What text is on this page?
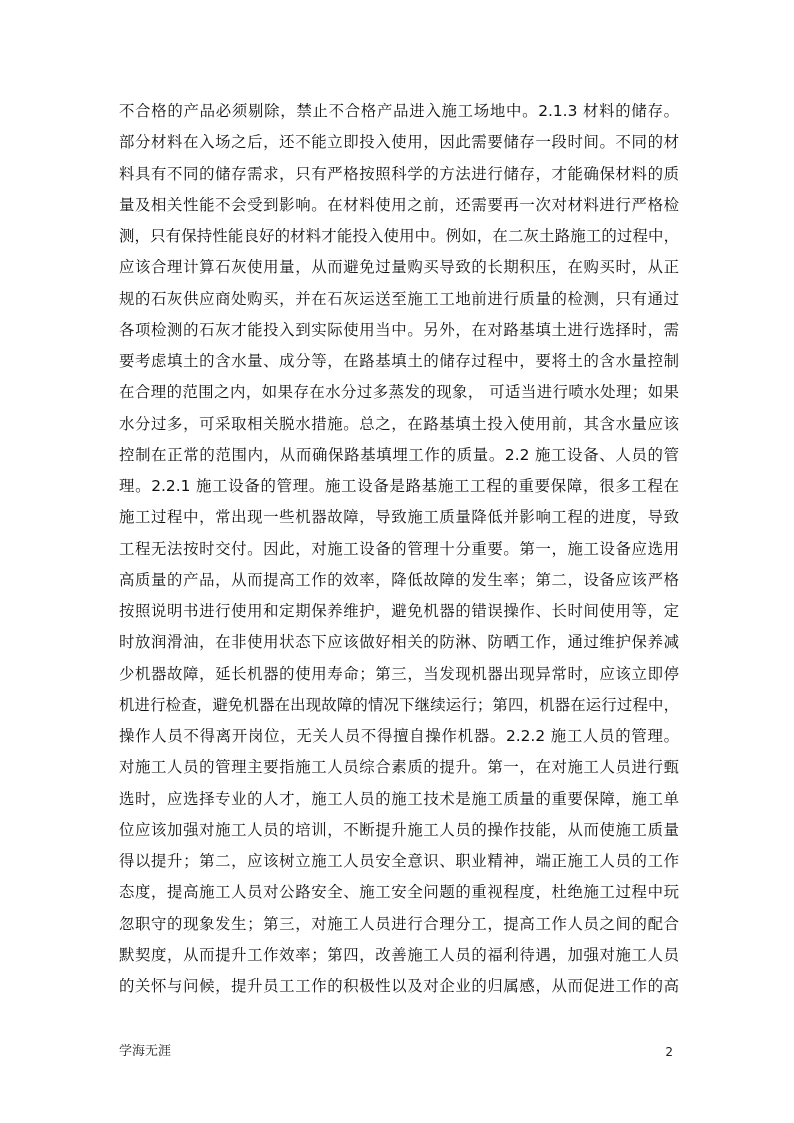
不合格的产品必须剔除，禁止不合格产品进入施工场地中。2.1.3 材料的储存。
部分材料在入场之后，还不能立即投入使用，因此需要储存一段时间。不同的材
料具有不同的储存需求，只有严格按照科学的方法进行储存，才能确保材料的质
量及相关性能不会受到影响。在材料使用之前，还需要再一次对材料进行严格检
测，只有保持性能良好的材料才能投入使用中。例如，在二灰土路施工的过程中，
应该合理计算石灰使用量，从而避免过量购买导致的长期积压，在购买时，从正
规的石灰供应商处购买，并在石灰运送至施工工地前进行质量的检测，只有通过
各项检测的石灰才能投入到实际使用当中。另外，在对路基填土进行选择时，需
要考虑填土的含水量、成分等，在路基填土的储存过程中，要将土的含水量控制
在合理的范围之内，如果存在水分过多蒸发的现象， 可适当进行喷水处理；如果
水分过多，可采取相关脱水措施。总之，在路基填土投入使用前，其含水量应该
控制在正常的范围内，从而确保路基填埋工作的质量。2.2 施工设备、人员的管
理。2.2.1 施工设备的管理。施工设备是路基施工工程的重要保障，很多工程在
施工过程中，常出现一些机器故障，导致施工质量降低并影响工程的进度，导致
工程无法按时交付。因此，对施工设备的管理十分重要。第一，施工设备应选用
高质量的产品，从而提高工作的效率，降低故障的发生率；第二，设备应该严格
按照说明书进行使用和定期保养维护，避免机器的错误操作、长时间使用等，定
时放润滑油，在非使用状态下应该做好相关的防淋、防晒工作，通过维护保养减
少机器故障，延长机器的使用寿命；第三，当发现机器出现异常时，应该立即停
机进行检查，避免机器在出现故障的情况下继续运行；第四，机器在运行过程中，
操作人员不得离开岗位，无关人员不得擅自操作机器。2.2.2 施工人员的管理。
对施工人员的管理主要指施工人员综合素质的提升。第一，在对施工人员进行甄
选时，应选择专业的人才，施工人员的施工技术是施工质量的重要保障，施工单
位应该加强对施工人员的培训，不断提升施工人员的操作技能，从而使施工质量
得以提升；第二，应该树立施工人员安全意识、职业精神，端正施工人员的工作
态度，提高施工人员对公路安全、施工安全问题的重视程度，杜绝施工过程中玩
忽职守的现象发生；第三，对施工人员进行合理分工，提高工作人员之间的配合
默契度，从而提升工作效率；第四，改善施工人员的福利待遇，加强对施工人员
的关怀与问候，提升员工工作的积极性以及对企业的归属感，从而促进工作的高
学海无涯	2
